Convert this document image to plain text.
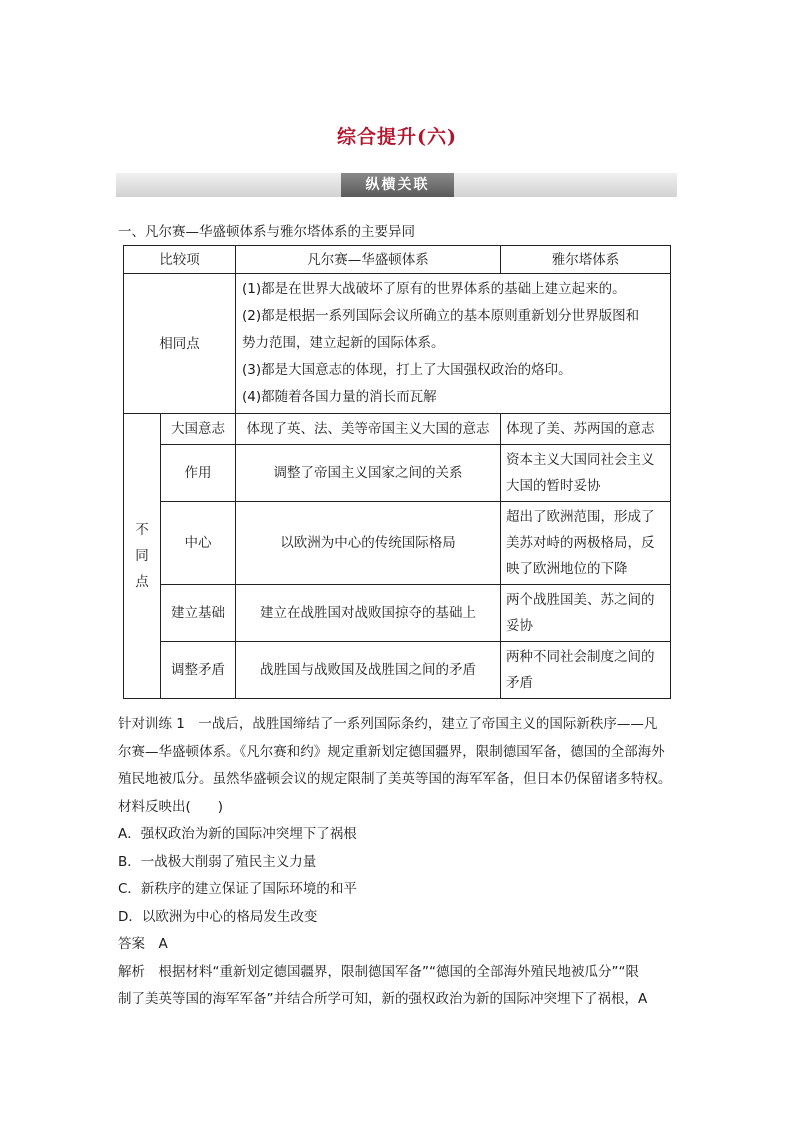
综合提升(六)
纵横关联
一、凡尔赛—华盛顿体系与雅尔塔体系的主要异同
比较项		凡尔赛—华盛顿体系	雅尔塔体系
相同点		(1)都是在世界大战破坏了原有的世界体系的基础上建立起来的。

(2)都是根据一系列国际会议所确立的基本原则重新划分世界版图和

势力范围，建立起新的国际体系。

(3)都是大国意志的体现，打上了大国强权政治的烙印。

(4)都随着各国力量的消长而瓦解	

不
同
点	大国意志	体现了英、法、美等帝国主义大国的意志	体现了美、苏两国的意志
	作用	调整了帝国主义国家之间的关系	资本主义大国同社会主义大国的暂时妥协
	中心	以欧洲为中心的传统国际格局	超出了欧洲范围，形成了美苏对峙的两极格局，反映了欧洲地位的下降
	建立基础	建立在战胜国对战败国掠夺的基础上	两个战胜国美、苏之间的妥协
	调整矛盾	战胜国与战败国及战胜国之间的矛盾	两种不同社会制度之间的矛盾

针对训练 1　一战后，战胜国缔结了一系列国际条约，建立了帝国主义的国际新秩序——凡

尔赛—华盛顿体系。《凡尔赛和约》规定重新划定德国疆界，限制德国军备，德国的全部海外

殖民地被瓜分。虽然华盛顿会议的规定限制了美英等国的海军军备，但日本仍保留诸多特权。

材料反映出(　　)

A．强权政治为新的国际冲突埋下了祸根

B．一战极大削弱了殖民主义力量

C．新秩序的建立保证了国际环境的和平

D．以欧洲为中心的格局发生改变

答案　A

解析　根据材料“重新划定德国疆界，限制德国军备”“德国的全部海外殖民地被瓜分”“限

制了美英等国的海军军备”并结合所学可知，新的强权政治为新的国际冲突埋下了祸根，A
